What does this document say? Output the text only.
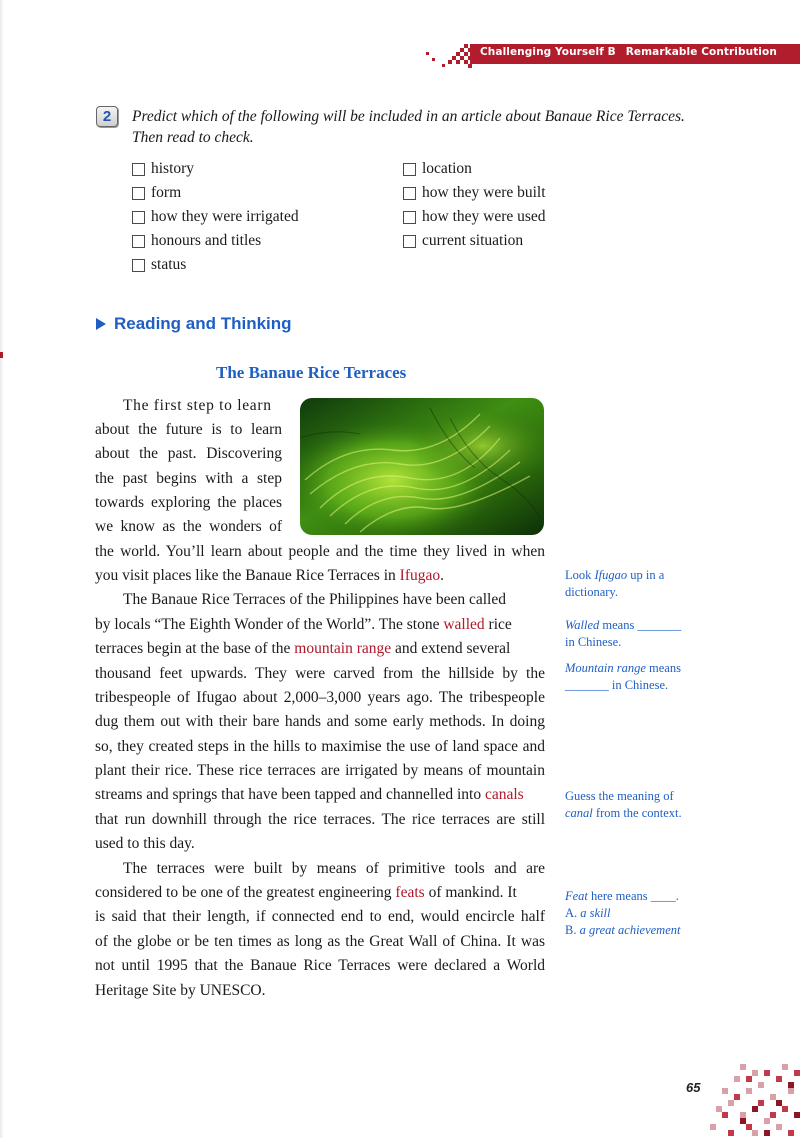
Challenging Yourself B Remarkable Contribution
2	Predict which of the following will be included in an article about Banaue Rice Terraces.
Then read to check.
history
form
how they were irrigated
honours and titles
status
location
how they were built
how they were used
current situation
Reading and Thinking
The Banaue Rice Terraces
The first step to learn
about the future is to learn
about the past. Discovering
the past begins with a step
towards exploring the places
we know as the wonders of
the world. You’ll learn about people and the time they lived in when
you visit places like the Banaue Rice Terraces in Ifugao.
The Banaue Rice Terraces of the Philippines have been called
by locals “The Eighth Wonder of the World”. The stone walled rice
terraces begin at the base of the mountain range and extend several
thousand feet upwards. They were carved from the hillside by the
tribespeople of Ifugao about 2,000–3,000 years ago. The tribespeople
dug them out with their bare hands and some early methods. In doing
so, they created steps in the hills to maximise the use of land space and
plant their rice. These rice terraces are irrigated by means of mountain
streams and springs that have been tapped and channelled into canals
that run downhill through the rice terraces. The rice terraces are still
used to this day.
The terraces were built by means of primitive tools and are
considered to be one of the greatest engineering feats of mankind. It
is said that their length, if connected end to end, would encircle half
of the globe or be ten times as long as the Great Wall of China. It was
not until 1995 that the Banaue Rice Terraces were declared a World
Heritage Site by UNESCO.
Look Ifugao up in a
dictionary.
Walled means _______
in Chinese.
Mountain range means
_______ in Chinese.
Guess the meaning of
canal from the context.
Feat here means ____.
A. a skill
B. a great achievement
65
